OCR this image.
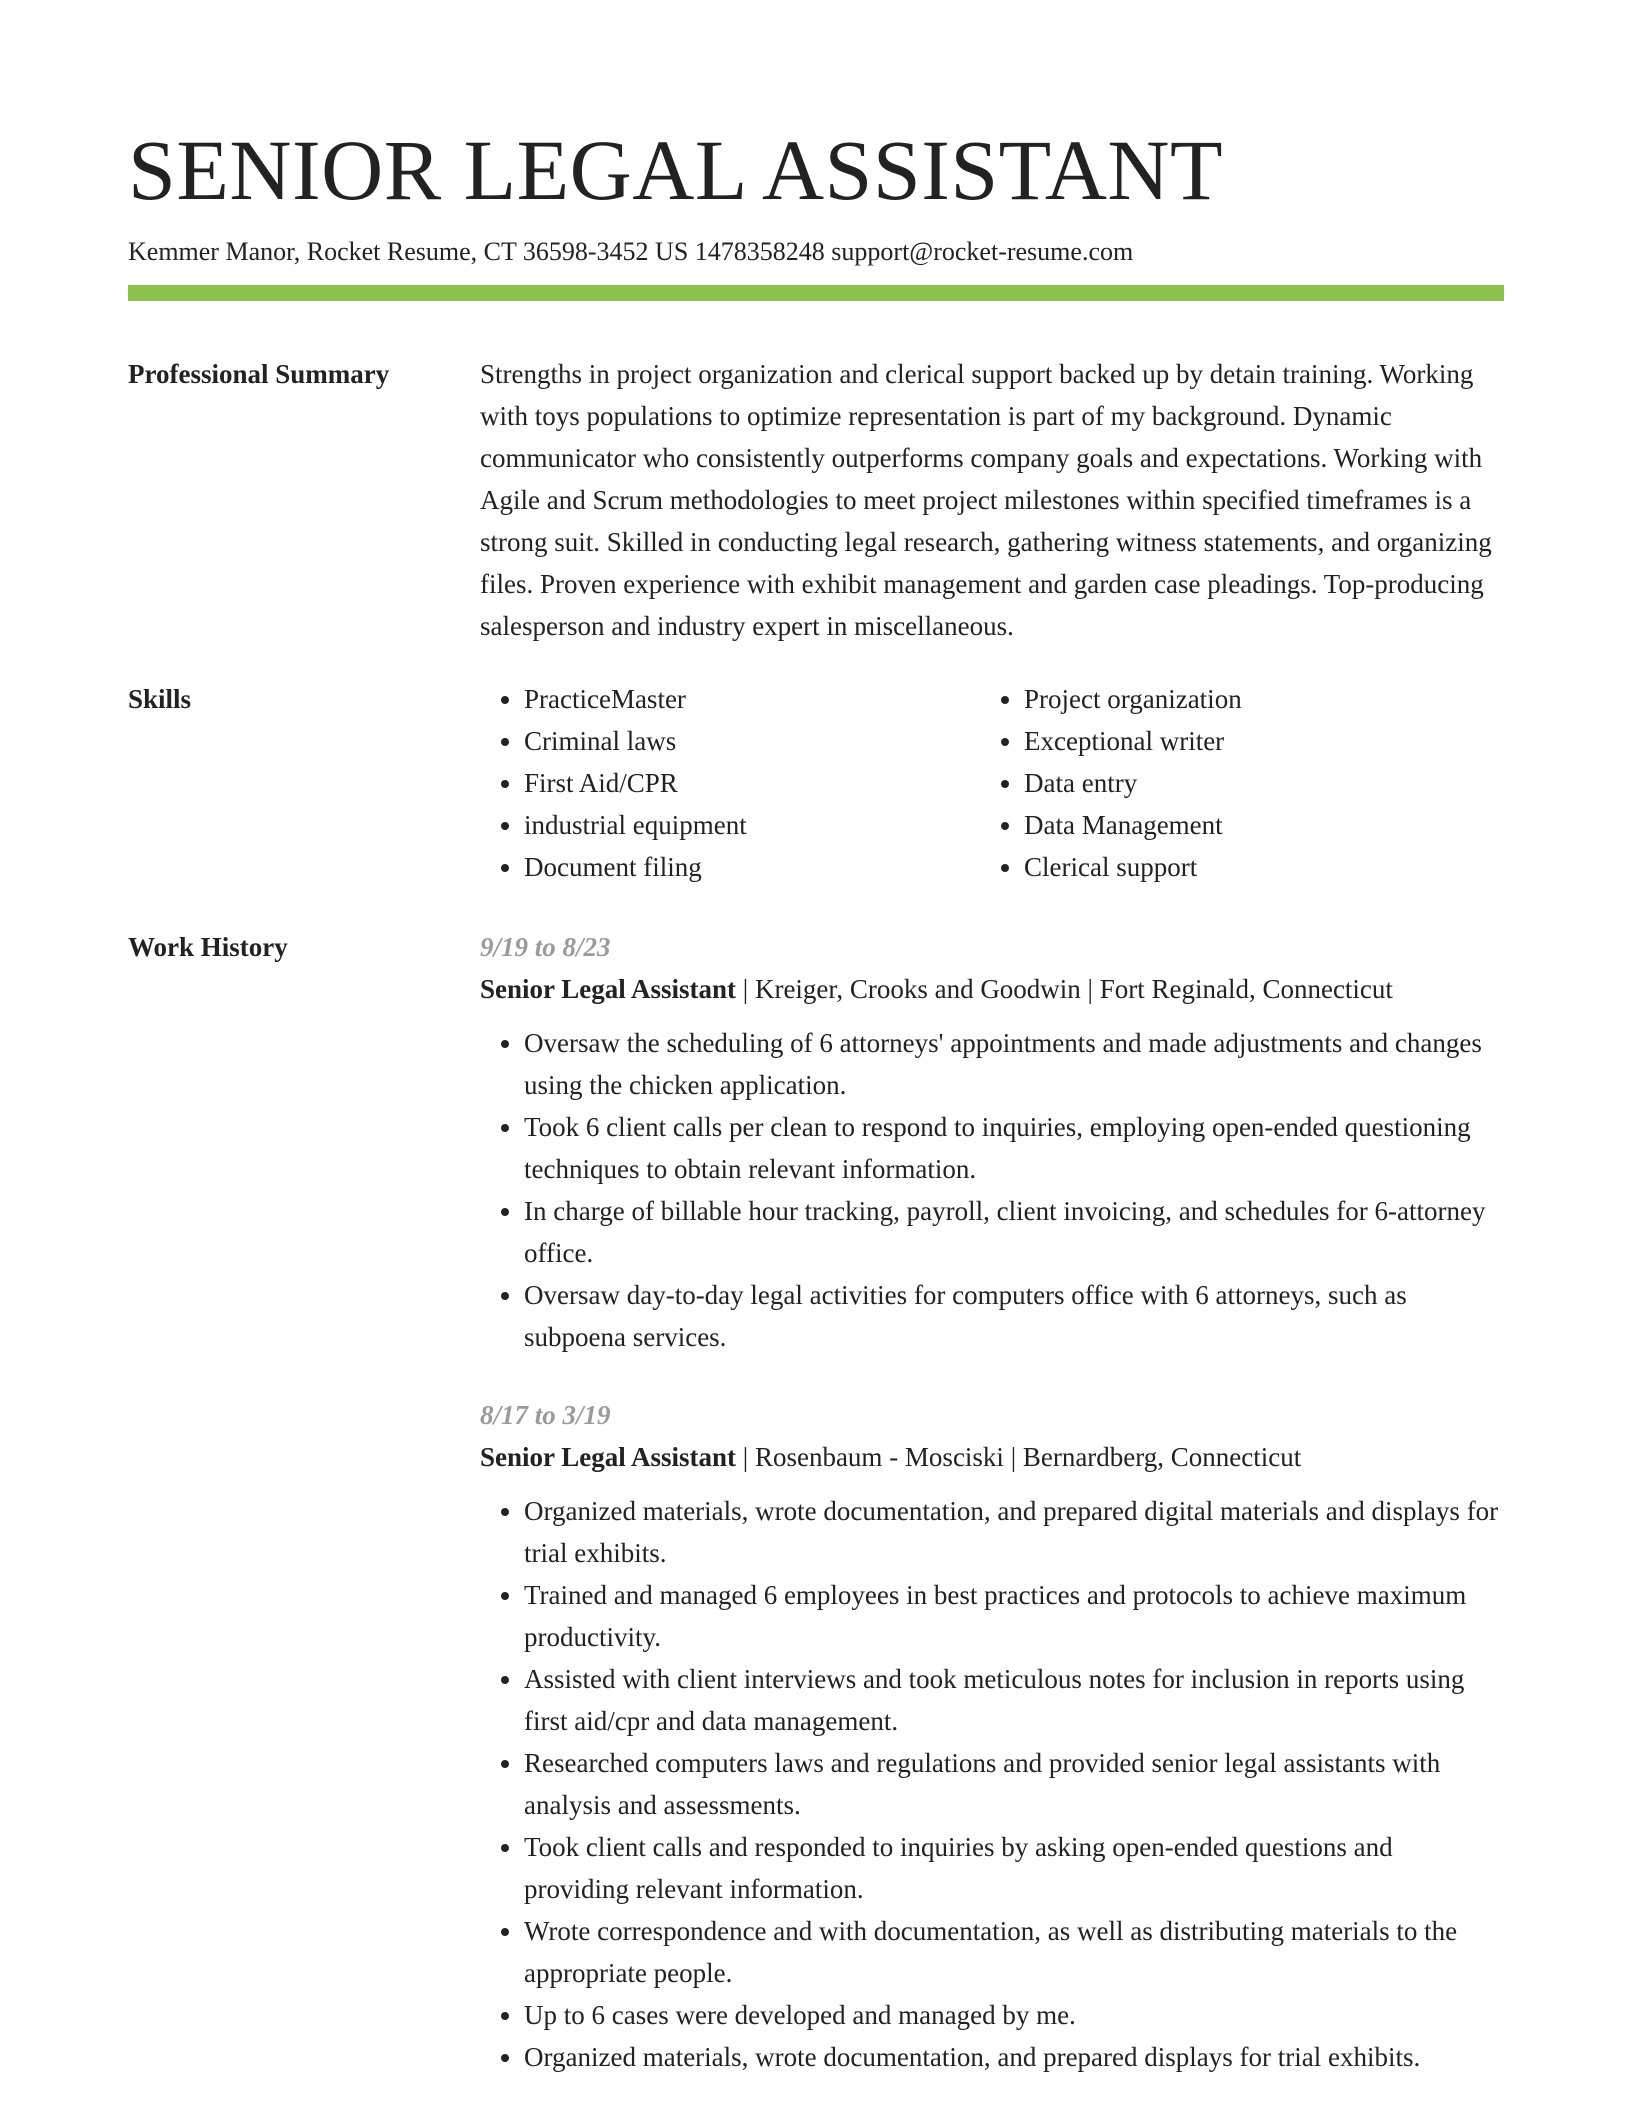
SENIOR LEGAL ASSISTANT
Kemmer Manor, Rocket Resume, CT 36598-3452 US 1478358248 support@rocket-resume.com
Professional Summary	Strengths in project organization and clerical support backed up by detain training. Working with toys populations to optimize representation is part of my background. Dynamic communicator who consistently outperforms company goals and expectations. Working with Agile and Scrum methodologies to meet project milestones within specified timeframes is a strong suit. Skilled in conducting legal research, gathering witness statements, and organizing files. Proven experience with exhibit management and garden case pleadings. Top-producing salesperson and industry expert in miscellaneous.

Skills
•	PracticeMaster
• Criminal laws
• First Aid/CPR
• industrial equipment
• Document filing
• Project organization
• Exceptional writer
• Data entry
• Data Management
• Clerical support
Work History	9/19 to 8/23
Senior Legal Assistant | Kreiger, Crooks and Goodwin | Fort Reginald, Connecticut
• Oversaw the scheduling of 6 attorneys' appointments and made adjustments and changes using the chicken application.
• Took 6 client calls per clean to respond to inquiries, employing open-ended questioning techniques to obtain relevant information.
• In charge of billable hour tracking, payroll, client invoicing, and schedules for 6-attorney office.
• Oversaw day-to-day legal activities for computers office with 6 attorneys, such as subpoena services.
8/17 to 3/19
Senior Legal Assistant | Rosenbaum - Mosciski | Bernardberg, Connecticut
• Organized materials, wrote documentation, and prepared digital materials and displays for trial exhibits.
• Trained and managed 6 employees in best practices and protocols to achieve maximum productivity.
• Assisted with client interviews and took meticulous notes for inclusion in reports using first aid/cpr and data management.
• Researched computers laws and regulations and provided senior legal assistants with analysis and assessments.
• Took client calls and responded to inquiries by asking open-ended questions and providing relevant information.
• Wrote correspondence and with documentation, as well as distributing materials to the appropriate people.
• Up to 6 cases were developed and managed by me.
• Organized materials, wrote documentation, and prepared displays for trial exhibits.
